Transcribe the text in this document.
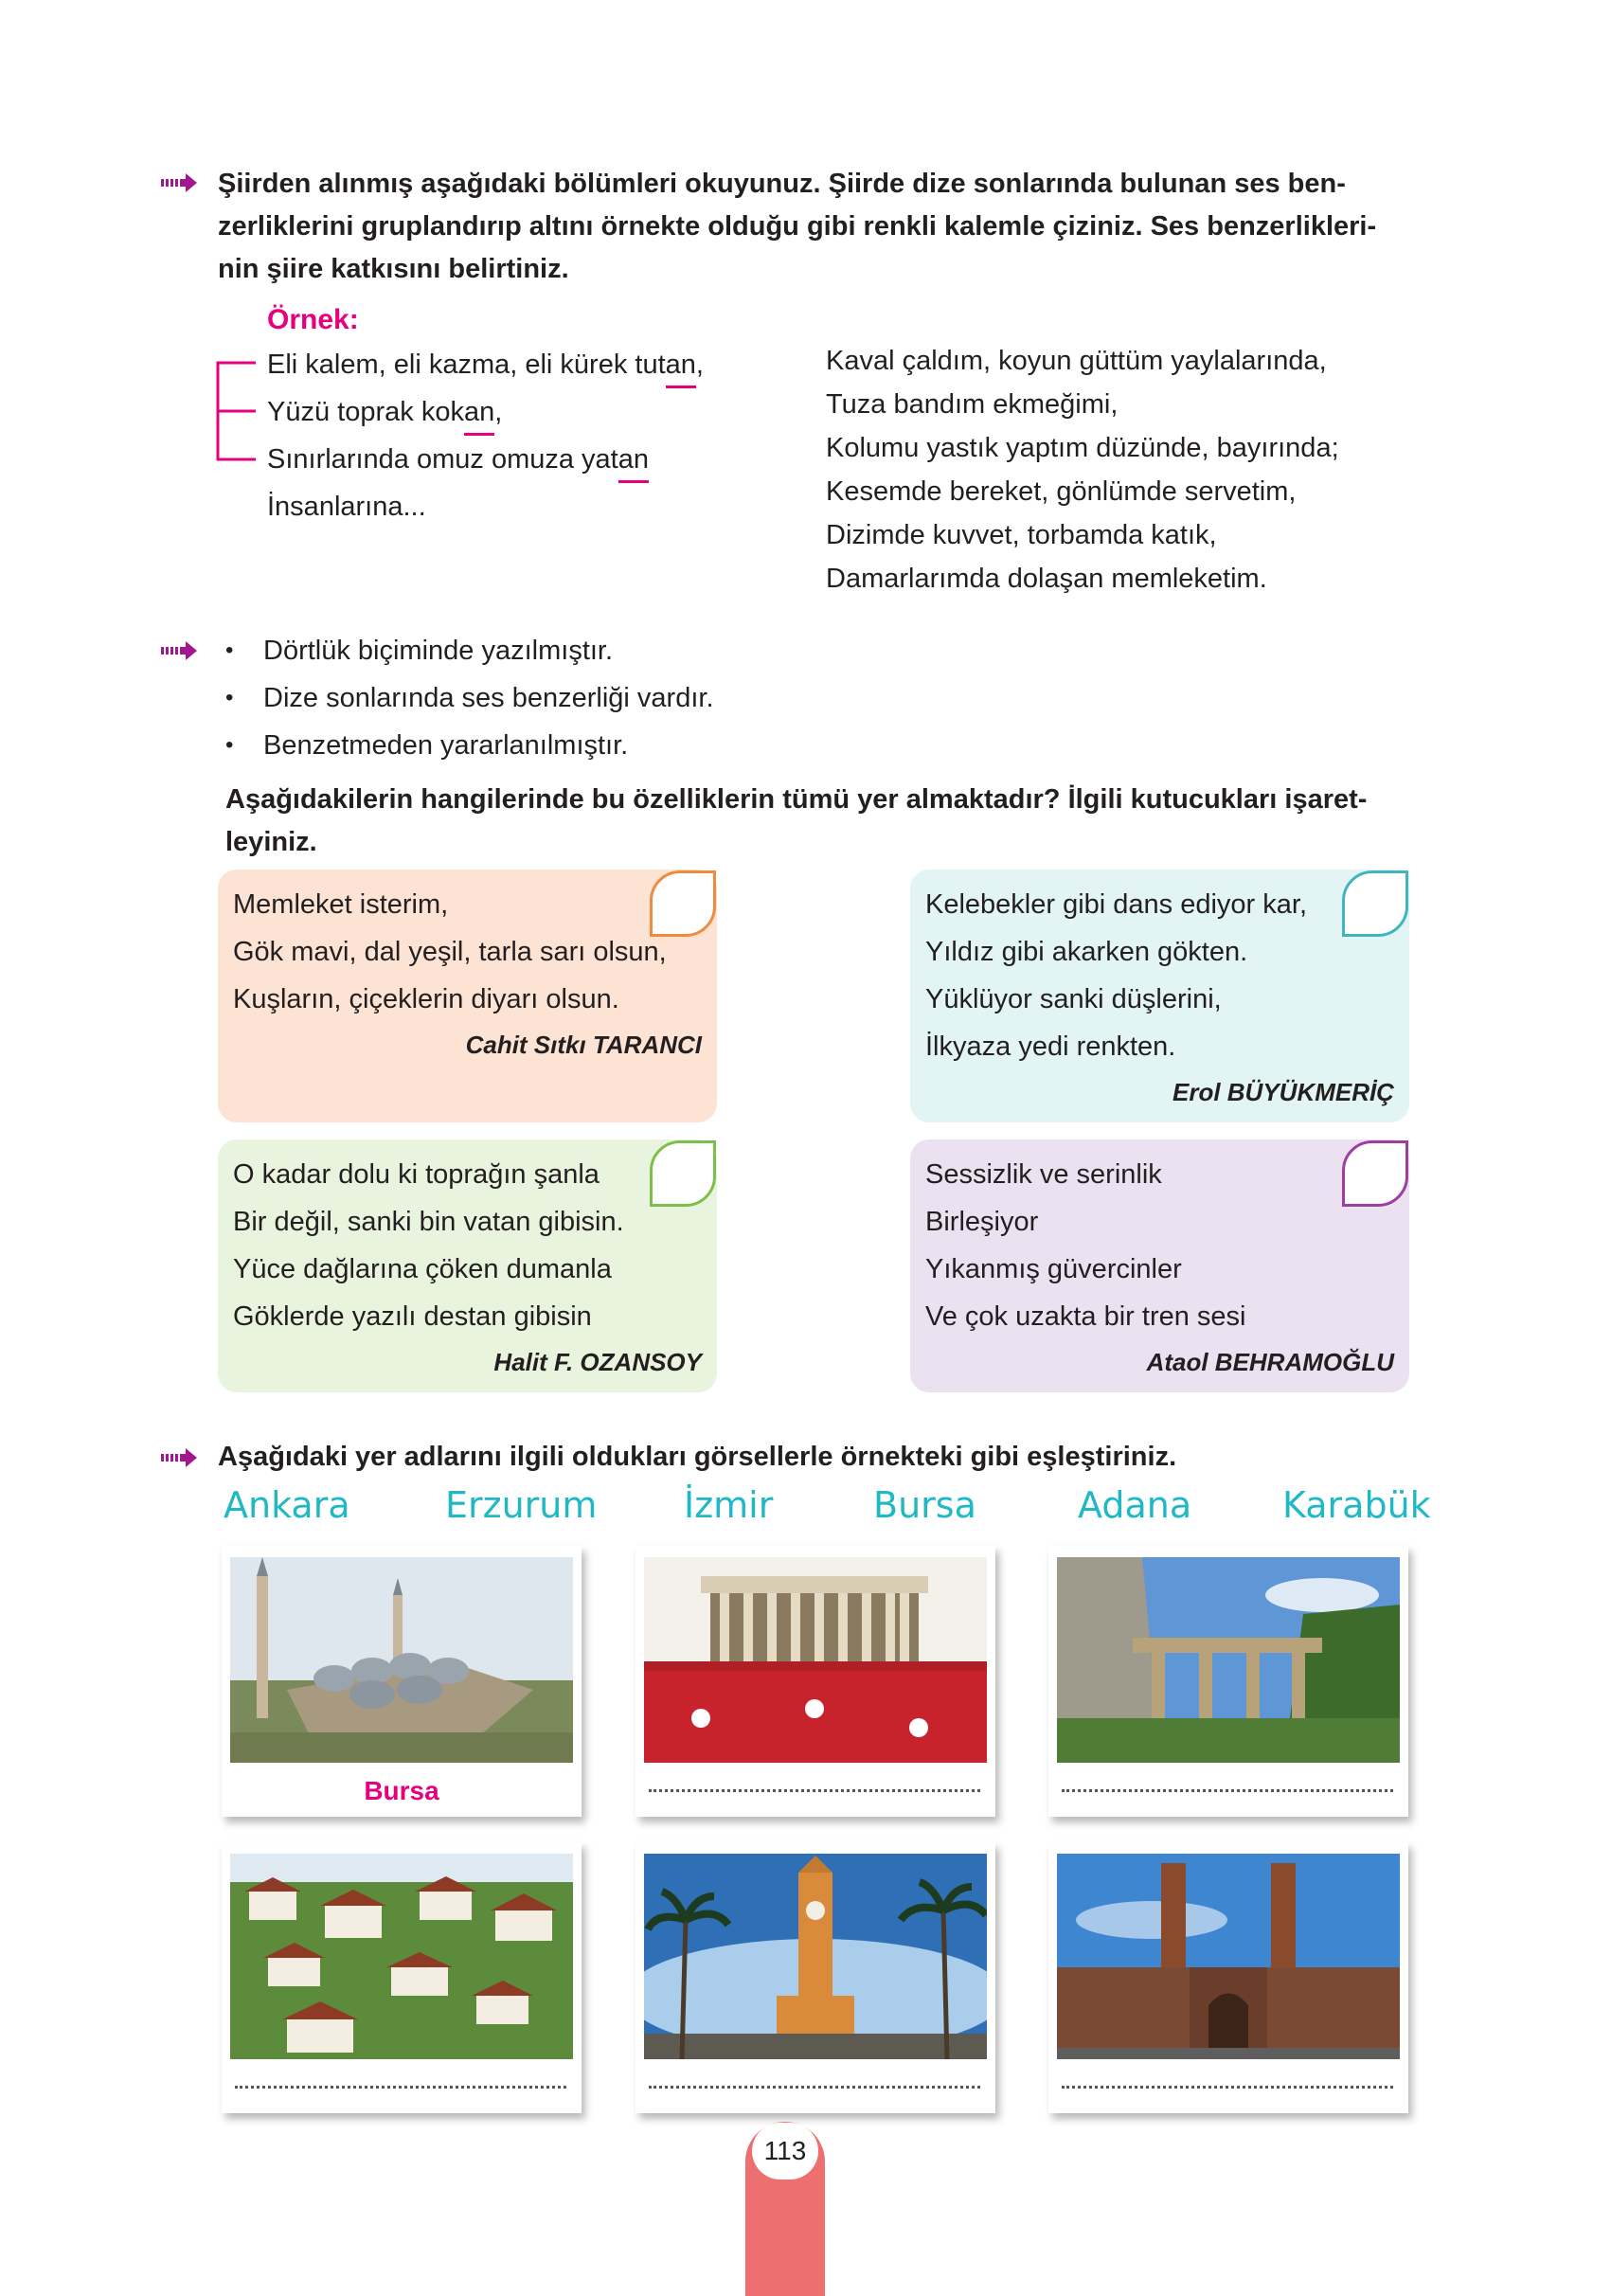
Şiirden alınmış aşağıdaki bölümleri okuyunuz. Şiirde dize sonlarında bulunan ses ben-

zerliklerini gruplandırıp altını örnekte olduğu gibi renkli kalemle çiziniz. Ses benzerlikleri-

nin şiire katkısını belirtiniz.

Örnek:
Eli kalem, eli kazma, eli kürek tutan,
Yüzü toprak kokan,
Sınırlarında omuz omuza yatan
İnsanlarına...
Kaval çaldım, koyun güttüm yaylalarında,
Tuza bandım ekmeğimi,
Kolumu yastık yaptım düzünde, bayırında;
Kesemde bereket, gönlümde servetim,
Dizimde kuvvet, torbamda katık,
Damarlarımda dolaşan memleketim.
• Dörtlük biçiminde yazılmıştır.
• Dize sonlarında ses benzerliği vardır.
• Benzetmeden yararlanılmıştır.

Aşağıdakilerin hangilerinde bu özelliklerin tümü yer almaktadır? İlgili kutucukları işaret-

leyiniz.

Memleket isterim,
Gök mavi, dal yeşil, tarla sarı olsun,
Kuşların, çiçeklerin diyarı olsun.
Cahit Sıtkı TARANCI
Kelebekler gibi dans ediyor kar,
Yıldız gibi akarken gökten.
Yüklüyor sanki düşlerini,
İlkyaza yedi renkten.
Erol BÜYÜKMERİÇ
O kadar dolu ki toprağın şanla
Bir değil, sanki bin vatan gibisin.
Yüce dağlarına çöken dumanla
Göklerde yazılı destan gibisin
Halit F. OZANSOY
Sessizlik ve serinlik
Birleşiyor
Yıkanmış güvercinler
Ve çok uzakta bir tren sesi
Ataol BEHRAMOĞLU

Aşağıdaki yer adlarını ilgili oldukları görsellerle örnekteki gibi eşleştiriniz.

Ankara	Erzurum İzmir	Bursa	Adana	Karabük
Bursa
113
